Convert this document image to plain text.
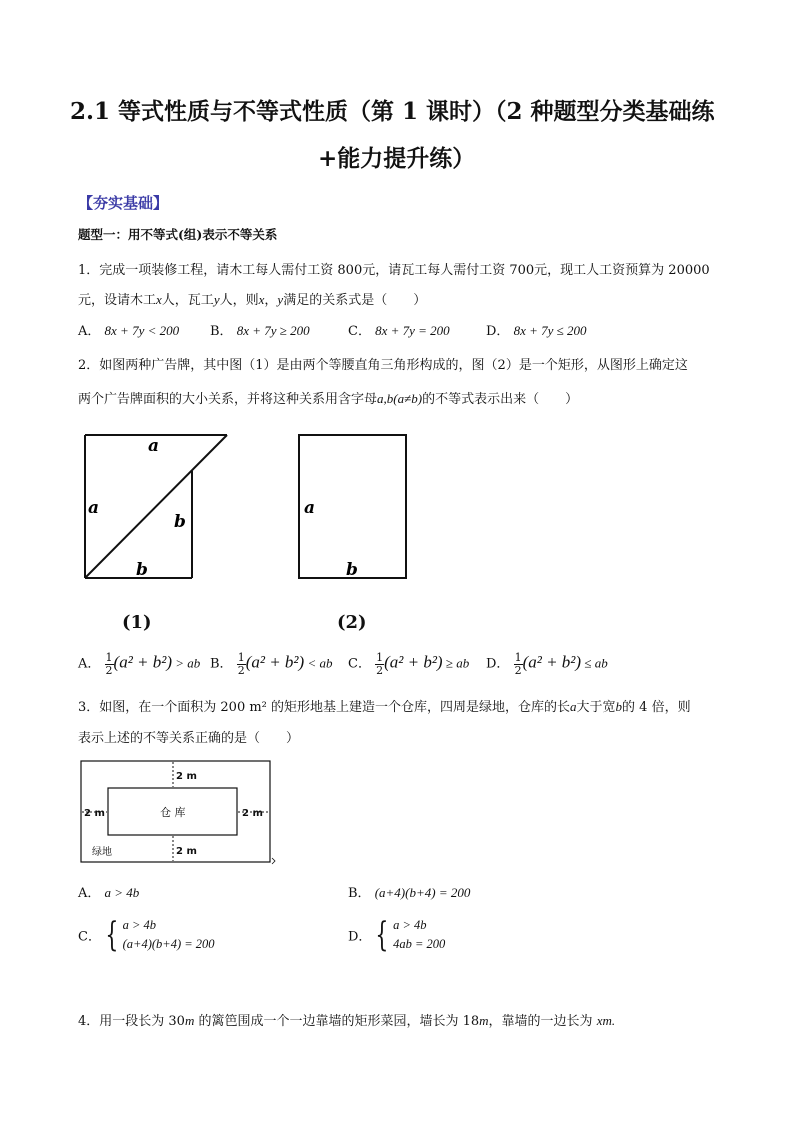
2.1 等式性质与不等式性质（第 1 课时）（2 种题型分类基础练
+能力提升练）
【夯实基础】
题型一：用不等式(组)表示不等关系
1．完成一项装修工程，请木工每人需付工资 800元，请瓦工每人需付工资 700元，现工人工资预算为 20000
元，设请木工x人，瓦工y人，则x，y满足的关系式是（　　）
A． 8x + 7y < 200 B． 8x + 7y ≥ 200	C． 8x + 7y = 200	D． 8x + 7y ≤ 200
2．如图两种广告牌，其中图（1）是由两个等腰直角三角形构成的，图（2）是一个矩形，从图形上确定这
两个广告牌面积的大小关系，并将这种关系用含字母a,b(a≠b)的不等式表示出来（　　）
a
a
b
b
(1)
a
b
(2)
A． $\frac{1}{2} (a^2 + b^2)$ > ab B． $\frac{1}{2} (a^2 + b^2)$ < ab C． $\frac{1}{2} (a^2 + b^2)$ ≥ ab D． $\frac{1}{2} (a^2 + b^2)$ ≤ ab
3．如图，在一个面积为 200 m² 的矩形地基上建造一个仓库，四周是绿地，仓库的长a大于宽b的 4 倍，则
表示上述的不等关系正确的是（　　）
2 m
2 m	2 m
2 m
仓 库
绿地
A． a > 4b	B． (a+4)(b+4) = 200
C． { a > 4b
(a+4)(b+4) = 200	D． { a > 4b
4ab = 200
4．用一段长为 30m 的篱笆围成一个一边靠墙的矩形菜园，墙长为 18m，靠墙的一边长为 xm.
